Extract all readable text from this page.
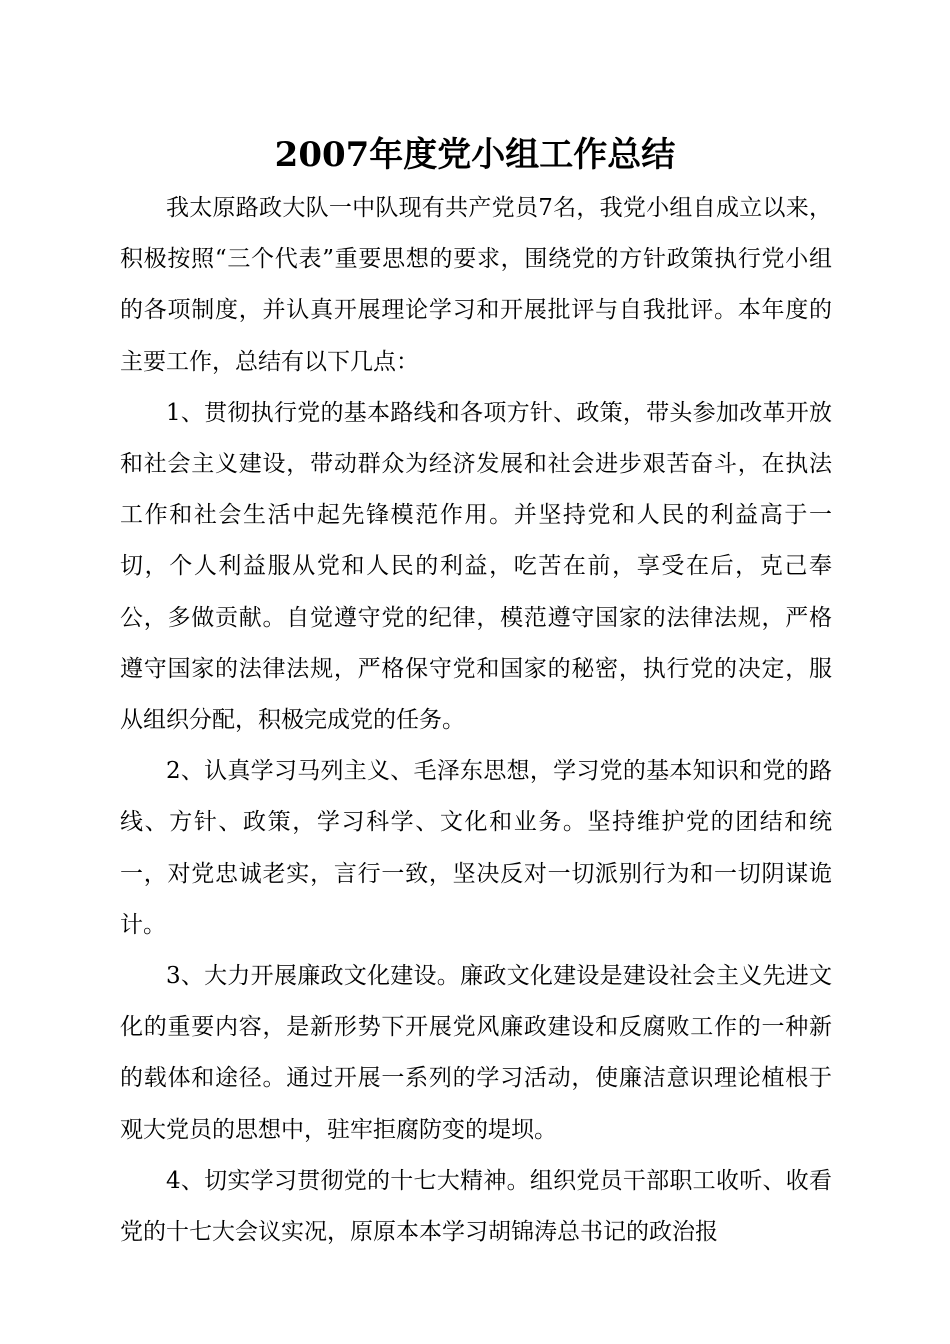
2007年度党小组工作总结

我太原路政大队一中队现有共产党员7名，我党小组自成立以来，积极按照“三个代表”重要思想的要求，围绕党的方针政策执行党小组的各项制度，并认真开展理论学习和开展批评与自我批评。本年度的主要工作，总结有以下几点：

1、贯彻执行党的基本路线和各项方针、政策，带头参加改革开放和社会主义建设，带动群众为经济发展和社会进步艰苦奋斗，在执法工作和社会生活中起先锋模范作用。并坚持党和人民的利益高于一切，个人利益服从党和人民的利益，吃苦在前，享受在后，克己奉公，多做贡献。自觉遵守党的纪律，模范遵守国家的法律法规，严格遵守国家的法律法规，严格保守党和国家的秘密，执行党的决定，服从组织分配，积极完成党的任务。

2、认真学习马列主义、毛泽东思想，学习党的基本知识和党的路线、方针、政策，学习科学、文化和业务。坚持维护党的团结和统一，对党忠诚老实，言行一致，坚决反对一切派别行为和一切阴谋诡计。

3、大力开展廉政文化建设。廉政文化建设是建设社会主义先进文化的重要内容，是新形势下开展党风廉政建设和反腐败工作的一种新的载体和途径。通过开展一系列的学习活动，使廉洁意识理论植根于观大党员的思想中，驻牢拒腐防变的堤坝。

4、切实学习贯彻党的十七大精神。组织党员干部职工收听、收看党的十七大会议实况，原原本本学习胡锦涛总书记的政治报
